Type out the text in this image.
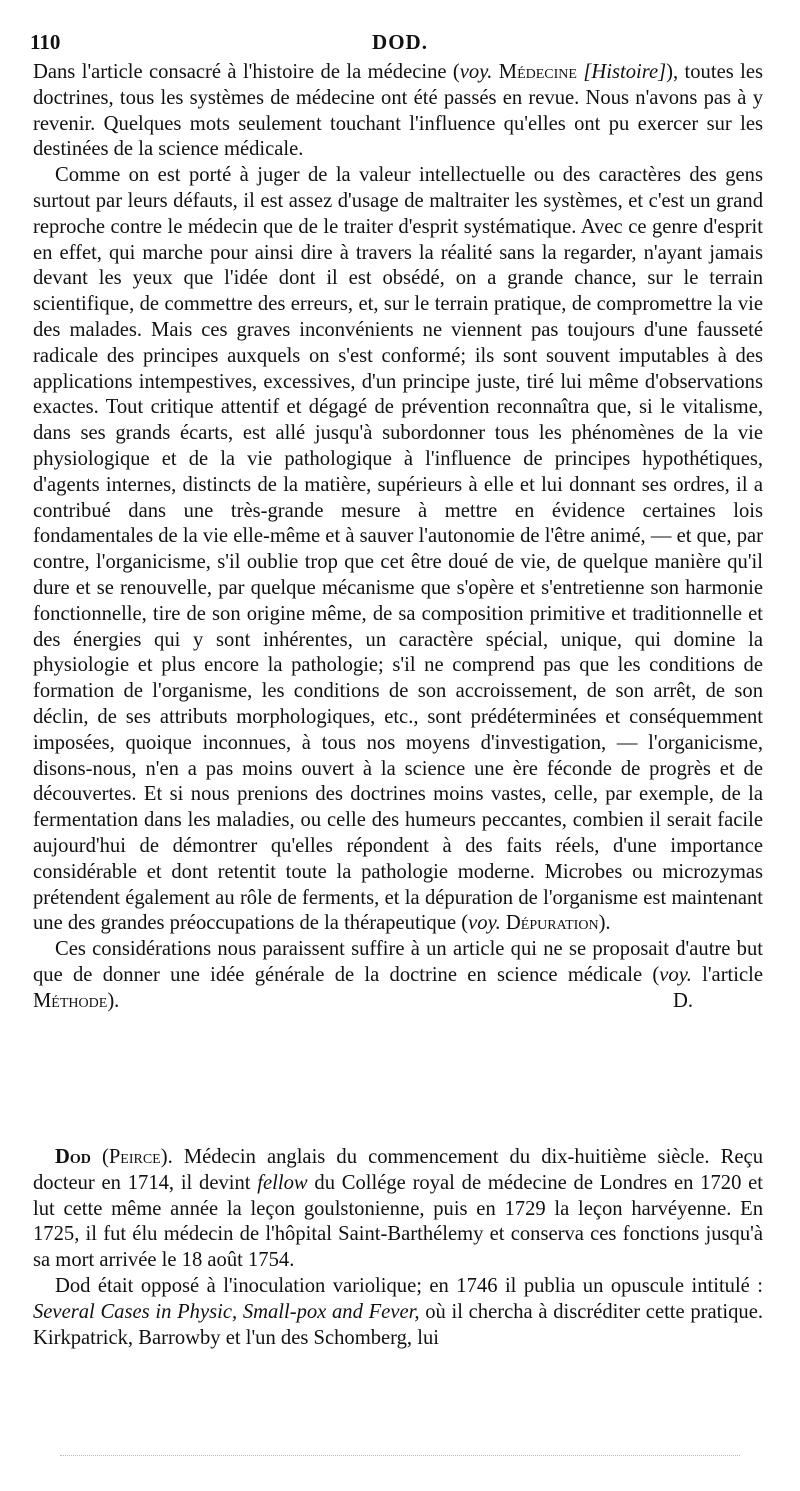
110	DOD.

Dans l'article consacré à l'histoire de la médecine (voy. Médecine [Histoire]), toutes les doctrines, tous les systèmes de médecine ont été passés en revue. Nous n'avons pas à y revenir. Quelques mots seulement touchant l'influence qu'elles ont pu exercer sur les destinées de la science médicale.

Comme on est porté à juger de la valeur intellectuelle ou des caractères des gens surtout par leurs défauts, il est assez d'usage de maltraiter les systèmes, et c'est un grand reproche contre le médecin que de le traiter d'esprit systématique. Avec ce genre d'esprit en effet, qui marche pour ainsi dire à travers la réalité sans la regarder, n'ayant jamais devant les yeux que l'idée dont il est obsédé, on a grande chance, sur le terrain scientifique, de commettre des erreurs, et, sur le terrain pratique, de compromettre la vie des malades. Mais ces graves inconvénients ne viennent pas toujours d'une fausseté radicale des principes auxquels on s'est conformé; ils sont souvent imputables à des applications intempestives, excessives, d'un principe juste, tiré lui même d'observations exactes. Tout critique attentif et dégagé de prévention reconnaîtra que, si le vitalisme, dans ses grands écarts, est allé jusqu'à subordonner tous les phénomènes de la vie physiologique et de la vie pathologique à l'influence de principes hypothétiques, d'agents internes, distincts de la matière, supérieurs à elle et lui donnant ses ordres, il a contribué dans une très-grande mesure à mettre en évidence certaines lois fondamentales de la vie elle-même et à sauver l'autonomie de l'être animé, — et que, par contre, l'organicisme, s'il oublie trop que cet être doué de vie, de quelque manière qu'il dure et se renouvelle, par quelque mécanisme que s'opère et s'entretienne son harmonie fonctionnelle, tire de son origine même, de sa composition primitive et traditionnelle et des énergies qui y sont inhérentes, un caractère spécial, unique, qui domine la physiologie et plus encore la pathologie; s'il ne comprend pas que les conditions de formation de l'organisme, les conditions de son accroissement, de son arrêt, de son déclin, de ses attributs morphologiques, etc., sont prédéterminées et conséquemment imposées, quoique inconnues, à tous nos moyens d'investigation, — l'organicisme, disons-nous, n'en a pas moins ouvert à la science une ère féconde de progrès et de découvertes. Et si nous prenions des doctrines moins vastes, celle, par exemple, de la fermentation dans les maladies, ou celle des humeurs peccantes, combien il serait facile aujourd'hui de démontrer qu'elles répondent à des faits réels, d'une importance considérable et dont retentit toute la pathologie moderne. Microbes ou microzymas prétendent également au rôle de ferments, et la dépuration de l'organisme est maintenant une des grandes préoccupations de la thérapeutique (voy. Dépuration).

Ces considérations nous paraissent suffire à un article qui ne se proposait d'autre but que de donner une idée générale de la doctrine en science médicale (voy. l'article Méthode).	D.

Dod (Peirce). Médecin anglais du commencement du dix-huitième siècle. Reçu docteur en 1714, il devint fellow du Collége royal de médecine de Londres en 1720 et lut cette même année la leçon goulstonienne, puis en 1729 la leçon harvéyenne. En 1725, il fut élu médecin de l'hôpital Saint-Barthélemy et conserva ces fonctions jusqu'à sa mort arrivée le 18 août 1754.

Dod était opposé à l'inoculation variolique; en 1746 il publia un opuscule intitulé : Several Cases in Physic, Small-pox and Fever, où il chercha à discréditer cette pratique. Kirkpatrick, Barrowby et l'un des Schomberg, lui
